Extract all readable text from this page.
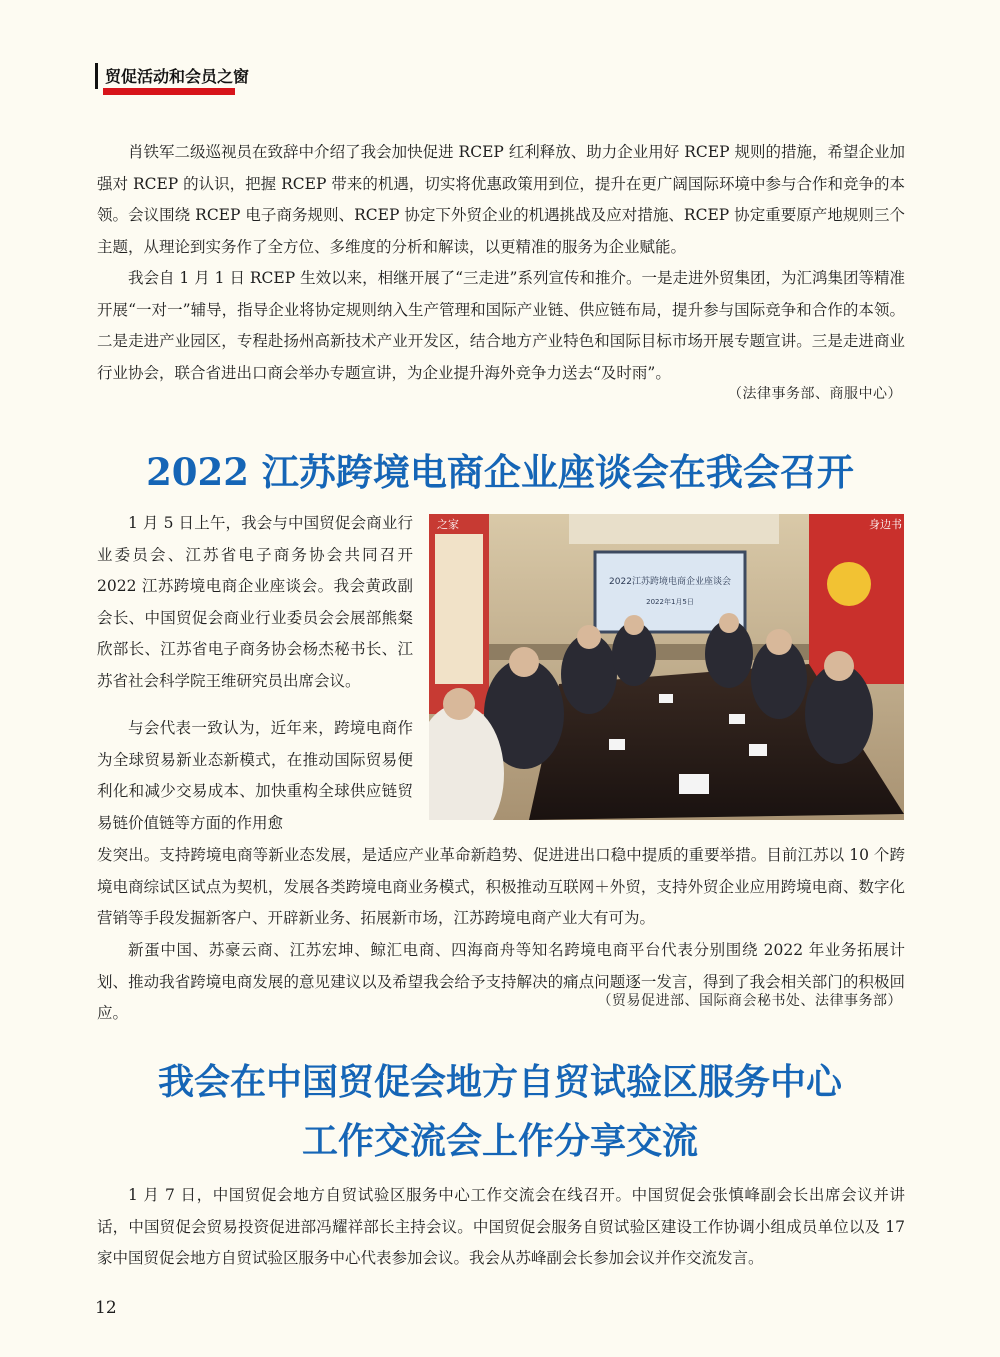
贸促活动和会员之窗

肖铁军二级巡视员在致辞中介绍了我会加快促进 RCEP 红利释放、助力企业用好 RCEP 规则的措施，希望企业加强对 RCEP 的认识，把握 RCEP 带来的机遇，切实将优惠政策用到位，提升在更广阔国际环境中参与合作和竞争的本领。会议围绕 RCEP 电子商务规则、RCEP 协定下外贸企业的机遇挑战及应对措施、RCEP 协定重要原产地规则三个主题，从理论到实务作了全方位、多维度的分析和解读，以更精准的服务为企业赋能。

我会自 1 月 1 日 RCEP 生效以来，相继开展了“三走进”系列宣传和推介。一是走进外贸集团，为汇鸿集团等精准开展“一对一”辅导，指导企业将协定规则纳入生产管理和国际产业链、供应链布局，提升参与国际竞争和合作的本领。二是走进产业园区，专程赴扬州高新技术产业开发区，结合地方产业特色和国际目标市场开展专题宣讲。三是走进商业行业协会，联合省进出口商会举办专题宣讲，为企业提升海外竞争力送去“及时雨”。

（法律事务部、商服中心）
2022 江苏跨境电商企业座谈会在我会召开

1 月 5 日上午，我会与中国贸促会商业行业委员会、江苏省电子商务协会共同召开 2022 江苏跨境电商企业座谈会。我会黄政副会长、中国贸促会商业行业委员会会展部熊粲欣部长、江苏省电子商务协会杨杰秘书长、江苏省社会科学院王维研究员出席会议。

与会代表一致认为，近年来，跨境电商作为全球贸易新业态新模式，在推动国际贸易便利化和减少交易成本、加快重构全球供应链贸易链价值链等方面的作用愈

2022江苏跨境电商企业座谈会
2022年1月5日
之家	身边书

发突出。支持跨境电商等新业态发展，是适应产业革命新趋势、促进进出口稳中提质的重要举措。目前江苏以 10 个跨境电商综试区试点为契机，发展各类跨境电商业务模式，积极推动互联网＋外贸，支持外贸企业应用跨境电商、数字化营销等手段发掘新客户、开辟新业务、拓展新市场，江苏跨境电商产业大有可为。

新蛋中国、苏豪云商、江苏宏坤、鲸汇电商、四海商舟等知名跨境电商平台代表分别围绕 2022 年业务拓展计划、推动我省跨境电商发展的意见建议以及希望我会给予支持解决的痛点问题逐一发言，得到了我会相关部门的积极回应。

（贸易促进部、国际商会秘书处、法律事务部）
我会在中国贸促会地方自贸试验区服务中心
工作交流会上作分享交流

1 月 7 日，中国贸促会地方自贸试验区服务中心工作交流会在线召开。中国贸促会张慎峰副会长出席会议并讲话，中国贸促会贸易投资促进部冯耀祥部长主持会议。中国贸促会服务自贸试验区建设工作协调小组成员单位以及 17 家中国贸促会地方自贸试验区服务中心代表参加会议。我会从苏峰副会长参加会议并作交流发言。

12
